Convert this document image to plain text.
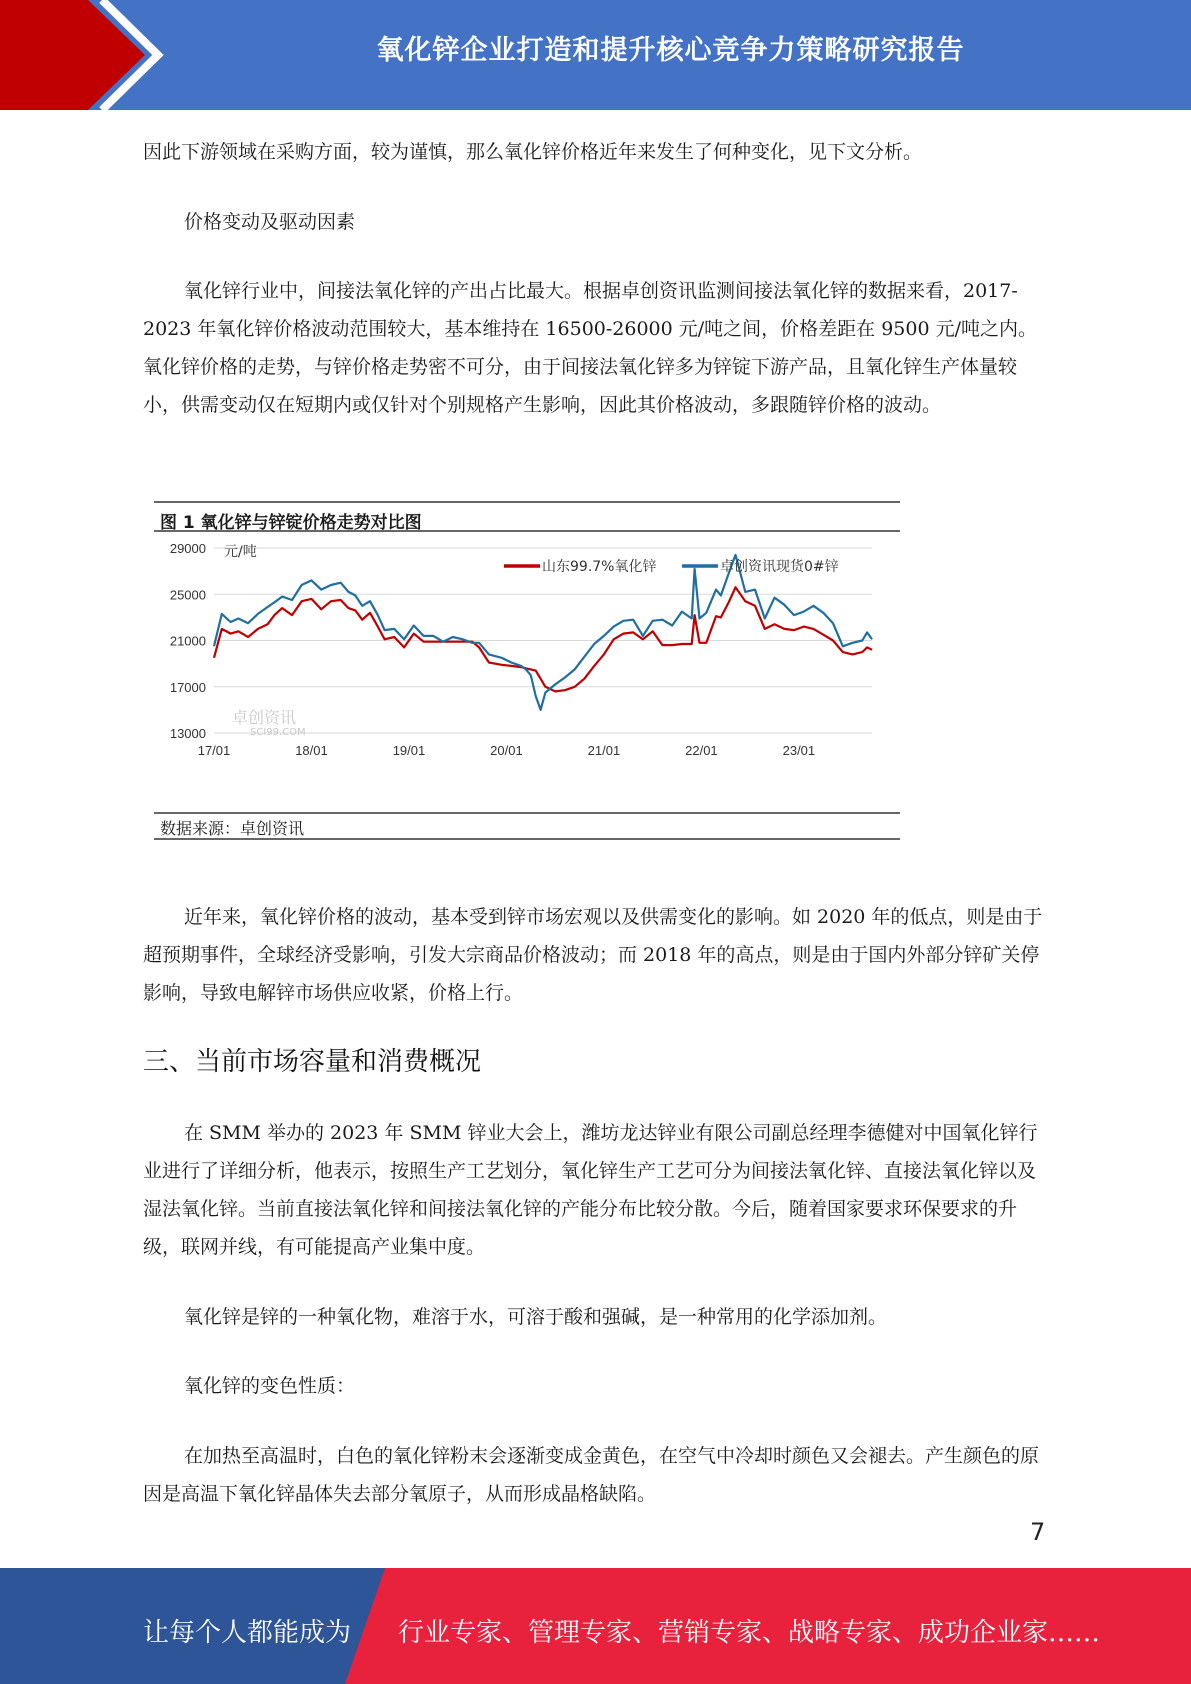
氧化锌企业打造和提升核心竞争力策略研究报告

因此下游领域在采购方面，较为谨慎，那么氧化锌价格近年来发生了何种变化，见下文分析。

价格变动及驱动因素

氧化锌行业中，间接法氧化锌的产出占比最大。根据卓创资讯监测间接法氧化锌的数据来看，2017-2023 年氧化锌价格波动范围较大，基本维持在 16500-26000 元/吨之间，价格差距在 9500 元/吨之内。氧化锌价格的走势，与锌价格走势密不可分，由于间接法氧化锌多为锌锭下游产品，且氧化锌生产体量较小，供需变动仅在短期内或仅针对个别规格产生影响，因此其价格波动，多跟随锌价格的波动。

近年来，氧化锌价格的波动，基本受到锌市场宏观以及供需变化的影响。如 2020 年的低点，则是由于超预期事件，全球经济受影响，引发大宗商品价格波动；而 2018 年的高点，则是由于国内外部分锌矿关停影响，导致电解锌市场供应收紧，价格上行。

三、当前市场容量和消费概况

在 SMM 举办的 2023 年 SMM 锌业大会上，潍坊龙达锌业有限公司副总经理李德健对中国氧化锌行业进行了详细分析，他表示，按照生产工艺划分，氧化锌生产工艺可分为间接法氧化锌、直接法氧化锌以及湿法氧化锌。当前直接法氧化锌和间接法氧化锌的产能分布比较分散。今后，随着国家要求环保要求的升级，联网并线，有可能提高产业集中度。

氧化锌是锌的一种氧化物，难溶于水，可溶于酸和强碱，是一种常用的化学添加剂。

氧化锌的变色性质：

在加热至高温时，白色的氧化锌粉末会逐渐变成金黄色，在空气中冷却时颜色又会褪去。产生颜色的原因是高温下氧化锌晶体失去部分氧原子，从而形成晶格缺陷。

图 1 氧化锌与锌锭价格走势对比图
13000
17000
21000
25000
29000 元/吨
17/01	18/01	19/01	20/01	21/01	22/01	23/01
卓创资讯
SCI99.COM
山东99.7%氧化锌	卓创资讯现货0#锌
数据来源：卓创资讯
7
让每个人都能成为 行业专家、管理专家、营销专家、战略专家、成功企业家……
